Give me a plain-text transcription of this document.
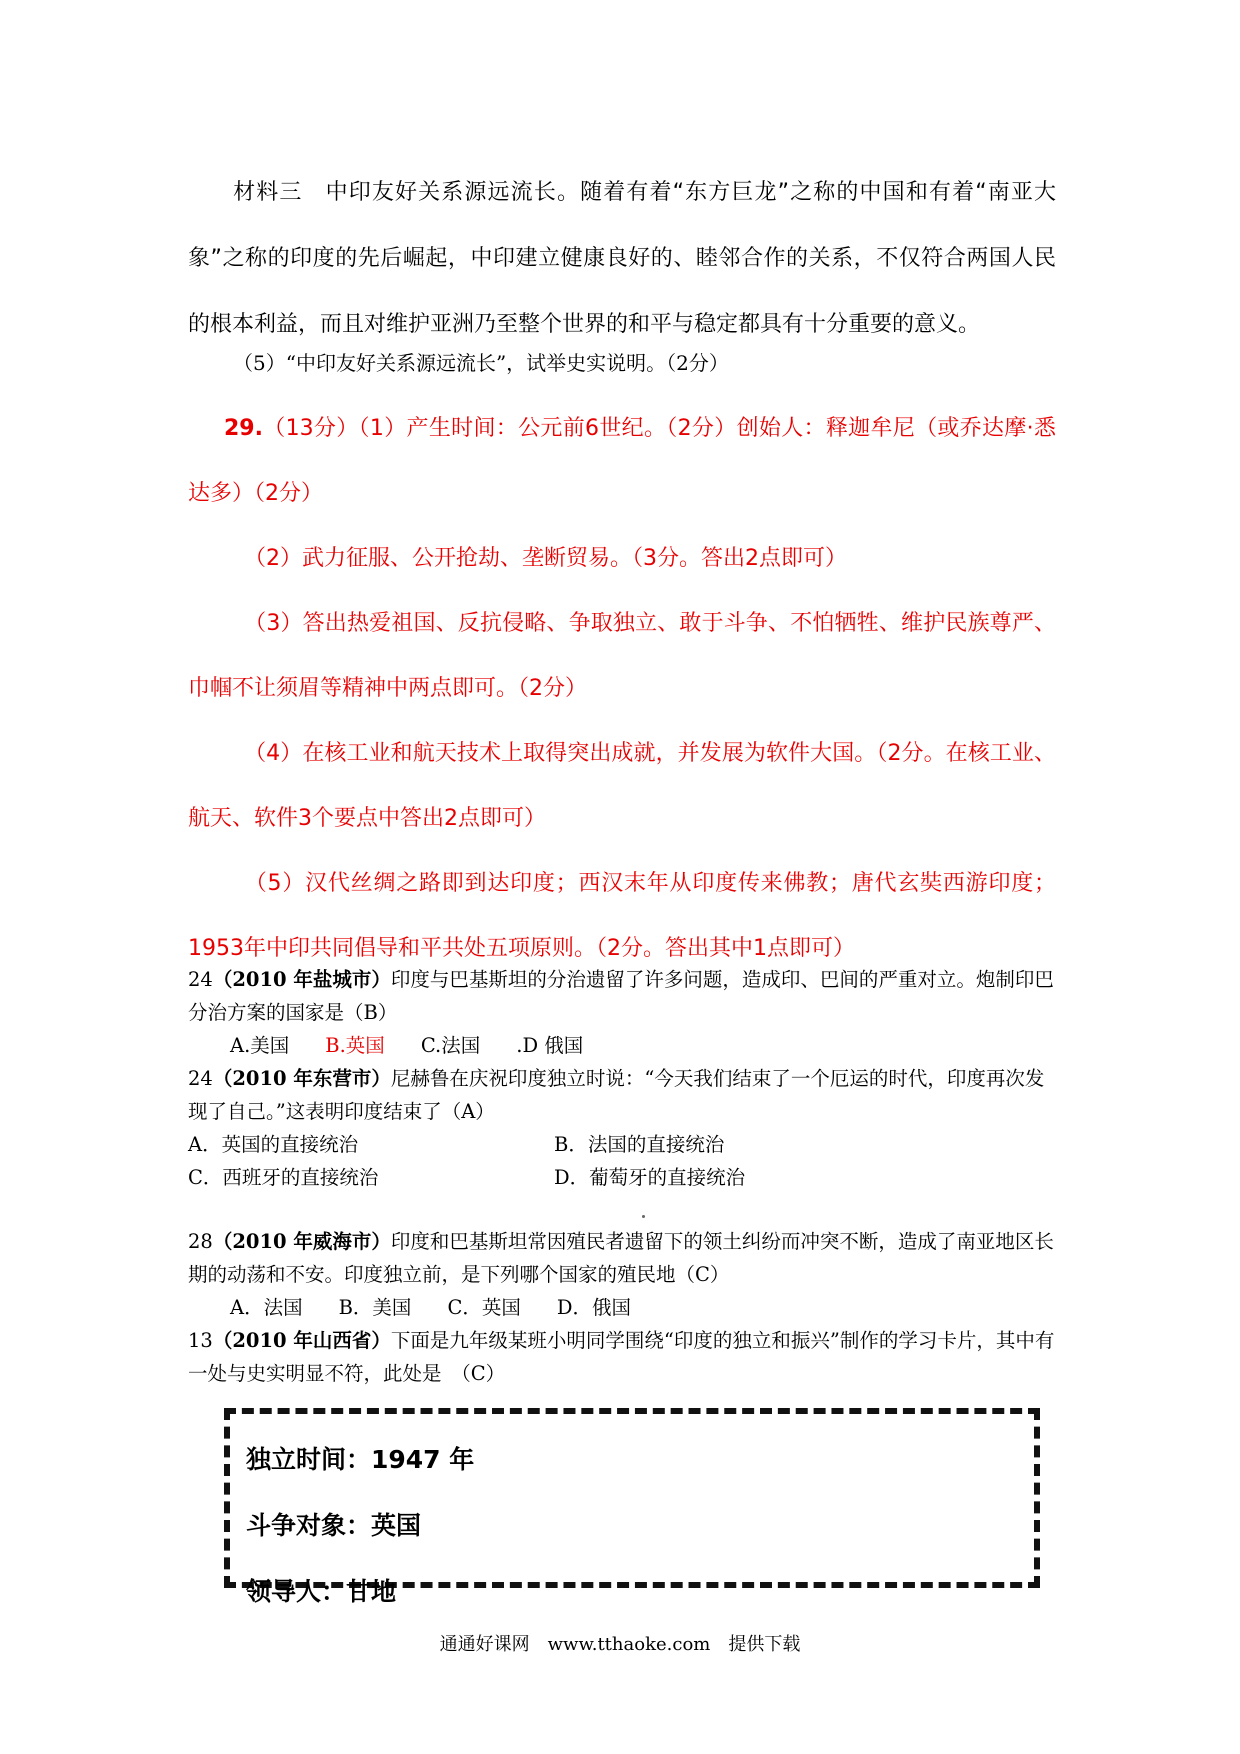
材料三　中印友好关系源远流长。随着有着“东方巨龙”之称的中国和有着“南亚大象”之称的印度的先后崛起，中印建立健康良好的、睦邻合作的关系，不仅符合两国人民的根本利益，而且对维护亚洲乃至整个世界的和平与稳定都具有十分重要的意义。
（5）“中印友好关系源远流长”，试举史实说明。（2分）

29.（13分）（1）产生时间：公元前6世纪。（2分）创始人：释迦牟尼（或乔达摩·悉达多）（2分）

（2）武力征服、公开抢劫、垄断贸易。（3分。答出2点即可）

（3）答出热爱祖国、反抗侵略、争取独立、敢于斗争、不怕牺牲、维护民族尊严、巾帼不让须眉等精神中两点即可。（2分）

（4）在核工业和航天技术上取得突出成就，并发展为软件大国。（2分。在核工业、航天、软件3个要点中答出2点即可）

（5）汉代丝绸之路即到达印度；西汉末年从印度传来佛教；唐代玄奘西游印度；1953年中印共同倡导和平共处五项原则。（2分。答出其中1点即可）

24（2010 年盐城市）印度与巴基斯坦的分治遗留了许多问题，造成印、巴间的严重对立。炮制印巴分治方案的国家是（B）
A.美国 B.英国 C.法国 .D 俄国
24（2010 年东营市）尼赫鲁在庆祝印度独立时说：“今天我们结束了一个厄运的时代，印度再次发现了自己。”这表明印度结束了（A）
A．英国的直接统治	B．法国的直接统治
C．西班牙的直接统治	D．葡萄牙的直接统治
28（2010 年威海市）印度和巴基斯坦常因殖民者遗留下的领土纠纷而冲突不断，造成了南亚地区长期的动荡和不安。印度独立前，是下列哪个国家的殖民地（C）
A．法国 B．美国 C．英国 D．俄国
13（2010 年山西省）下面是九年级某班小明同学围绕“印度的独立和振兴”制作的学习卡片，其中有一处与史实明显不符，此处是　（C）
独立时间：1947 年
斗争对象：英国
领导人：甘地
通通好课网　www.tthaoke.com　提供下载
